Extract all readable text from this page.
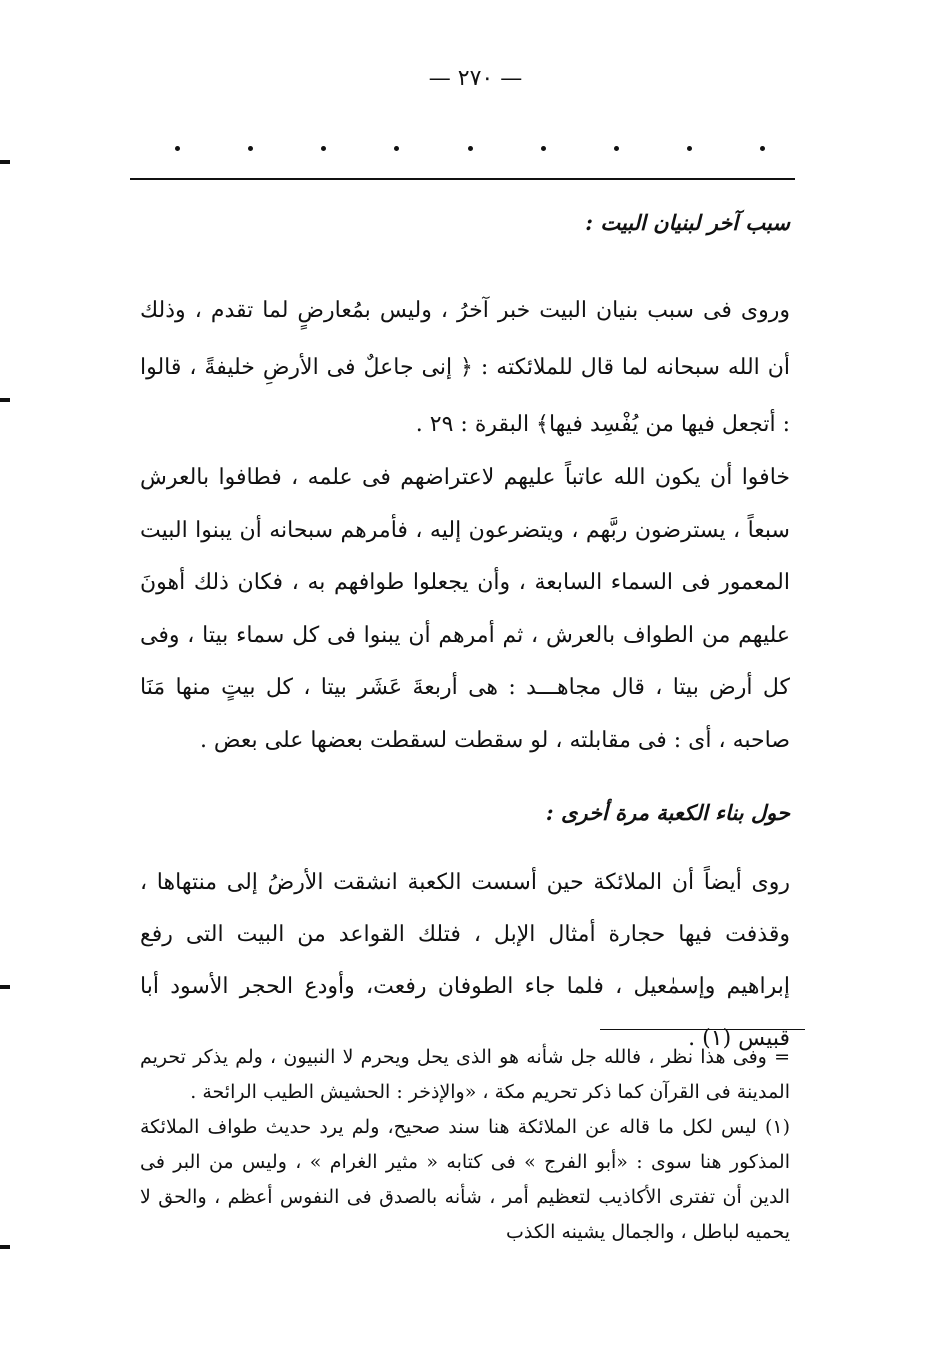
— ٢٧٠ —
سبب آخر لبنيان البيت :

وروى فى سبب بنيان البيت خبر آخرُ ، وليس بمُعارضٍ لما تقدم ، وذلك أن الله سبحانه لما قال للملائكته : ﴿ إنى جاعلٌ فى الأرضِ خليفةً ، قالوا : أتجعل فيها من يُفْسِد فيها﴾ البقرة : ٢٩ .

خافوا أن يكون الله عاتباً عليهم لاعتراضهم فى علمه ، فطافوا بالعرش سبعاً ، يسترضون ربَّهم ، ويتضرعون إليه ، فأمرهم سبحانه أن يبنوا البيت المعمور فى السماء السابعة ، وأن يجعلوا طوافهم به ، فكان ذلك أهونَ عليهم من الطواف بالعرش ، ثم أمرهم أن يبنوا فى كل سماء بيتا ، وفى كل أرض بيتا ، قال مجاهـــد : هى أربعةَ عَشَر بيتا ، كل بيتٍ منها مَنَا صاحبه ، أى : فى مقابلته ، لو سقطت لسقطت بعضها على بعض .

حول بناء الكعبة مرة أخرى :

روى أيضاً أن الملائكة حين أسست الكعبة انشقت الأرضُ إلى منتهاها ، وقذفت فيها حجارة أمثال الإبل ، فتلك القواعد من البيت التى رفع إبراهيم وإسمٰعيل ، فلما جاء الطوفان رفعت، وأودع الحجر الأسود أبا قبيس (١) .

= وفى هذا نظر ، فالله جل شأنه هو الذى يحل ويحرم لا النبيون ، ولم يذكر تحريم المدينة فى القرآن كما ذكر تحريم مكة ، «والإذخر : الحشيش الطيب الرائحة .

(١) ليس لكل ما قاله عن الملائكة هنا سند صحيح، ولم يرد حديث طواف الملائكة المذكور هنا سوى : «أبو الفرج » فى كتابه « مثير الغرام » ، وليس من البر فى الدين أن تفترى الأكاذيب لتعظيم أمر ، شأنه بالصدق فى النفوس أعظم ، والحق لا يحميه لباطل ، والجمال يشينه الكذب
